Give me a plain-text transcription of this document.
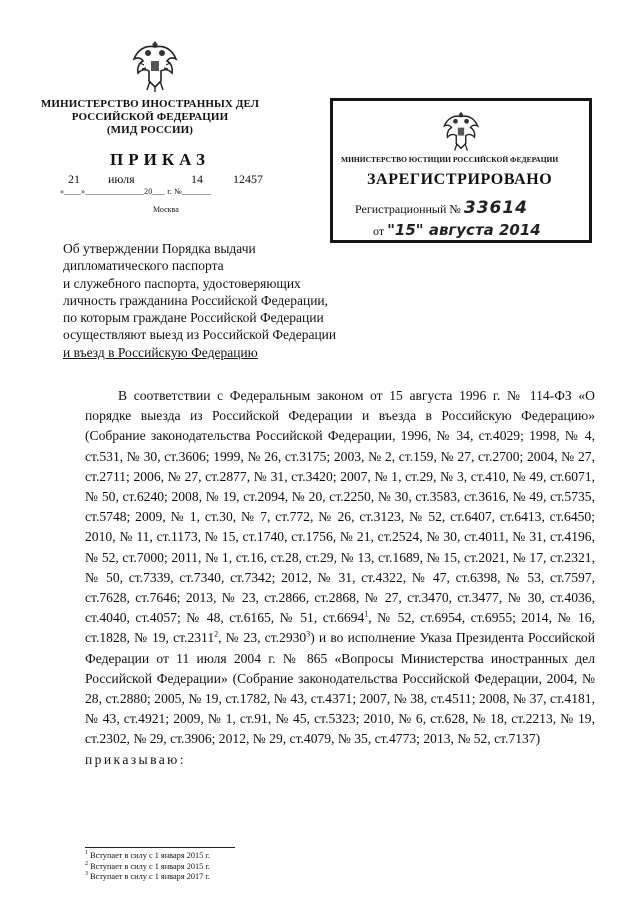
МИНИСТЕРСТВО ИНОСТРАННЫХ ДЕЛ
РОССИЙСКОЙ ФЕДЕРАЦИИ
(МИД РОССИИ)
ПРИКАЗ
21 июля	14	12457
«____»______________20___ г. №_______
Москва
МИНИСТЕРСТВО ЮСТИЦИИ РОССИЙСКОЙ ФЕДЕРАЦИИ
ЗАРЕГИСТРИРОВАНО
Регистрационный № 33614
от "15" августа 2014
Об утверждении Порядка выдачи
дипломатического паспорта
и служебного паспорта, удостоверяющих
личность гражданина Российской Федерации,
по которым граждане Российской Федерации
осуществляют выезд из Российской Федерации
и въезд в Российскую Федерацию
В соответствии с Федеральным законом от 15 августа 1996 г. № 114-ФЗ «О порядке выезда из Российской Федерации и въезда в Российскую Федерацию» (Собрание законодательства Российской Федерации, 1996, № 34, ст.4029; 1998, № 4, ст.531, № 30, ст.3606; 1999, № 26, ст.3175; 2003, № 2, ст.159, № 27, ст.2700; 2004, № 27, ст.2711; 2006, № 27, ст.2877, № 31, ст.3420; 2007, № 1, ст.29, № 3, ст.410, № 49, ст.6071, № 50, ст.6240; 2008, № 19, ст.2094, № 20, ст.2250, № 30, ст.3583, ст.3616, № 49, ст.5735, ст.5748; 2009, № 1, ст.30, № 7, ст.772, № 26, ст.3123, № 52, ст.6407, ст.6413, ст.6450; 2010, № 11, ст.1173, № 15, ст.1740, ст.1756, № 21, ст.2524, № 30, ст.4011, № 31, ст.4196, № 52, ст.7000; 2011, № 1, ст.16, ст.28, ст.29, № 13, ст.1689, № 15, ст.2021, № 17, ст.2321, № 50, ст.7339, ст.7340, ст.7342; 2012, № 31, ст.4322, № 47, ст.6398, № 53, ст.7597, ст.7628, ст.7646; 2013, № 23, ст.2866, ст.2868, № 27, ст.3470, ст.3477, № 30, ст.4036, ст.4040, ст.4057; № 48, ст.6165, № 51, ст.6694$^1$, № 52, ст.6954, ст.6955; 2014, № 16, ст.1828, № 19, ст.2311$^2$, № 23, ст.2930$^3$) и во исполнение Указа Президента Российской Федерации от 11 июля 2004 г. № 865 «Вопросы Министерства иностранных дел Российской Федерации» (Собрание законодательства Российской Федерации, 2004, № 28, ст.2880; 2005, № 19, ст.1782, № 43, ст.4371; 2007, № 38, ст.4511; 2008, № 37, ст.4181, № 43, ст.4921; 2009, № 1, ст.91, № 45, ст.5323; 2010, № 6, ст.628, № 18, ст.2213, № 19, ст.2302, № 29, ст.3906; 2012, № 29, ст.4079, № 35, ст.4773; 2013, № 52, ст.7137)
приказываю:
$^1$ Вступает в силу с 1 января 2015 г.
$^2$ Вступает в силу с 1 января 2015 г.
$^3$ Вступает в силу с 1 января 2017 г.
